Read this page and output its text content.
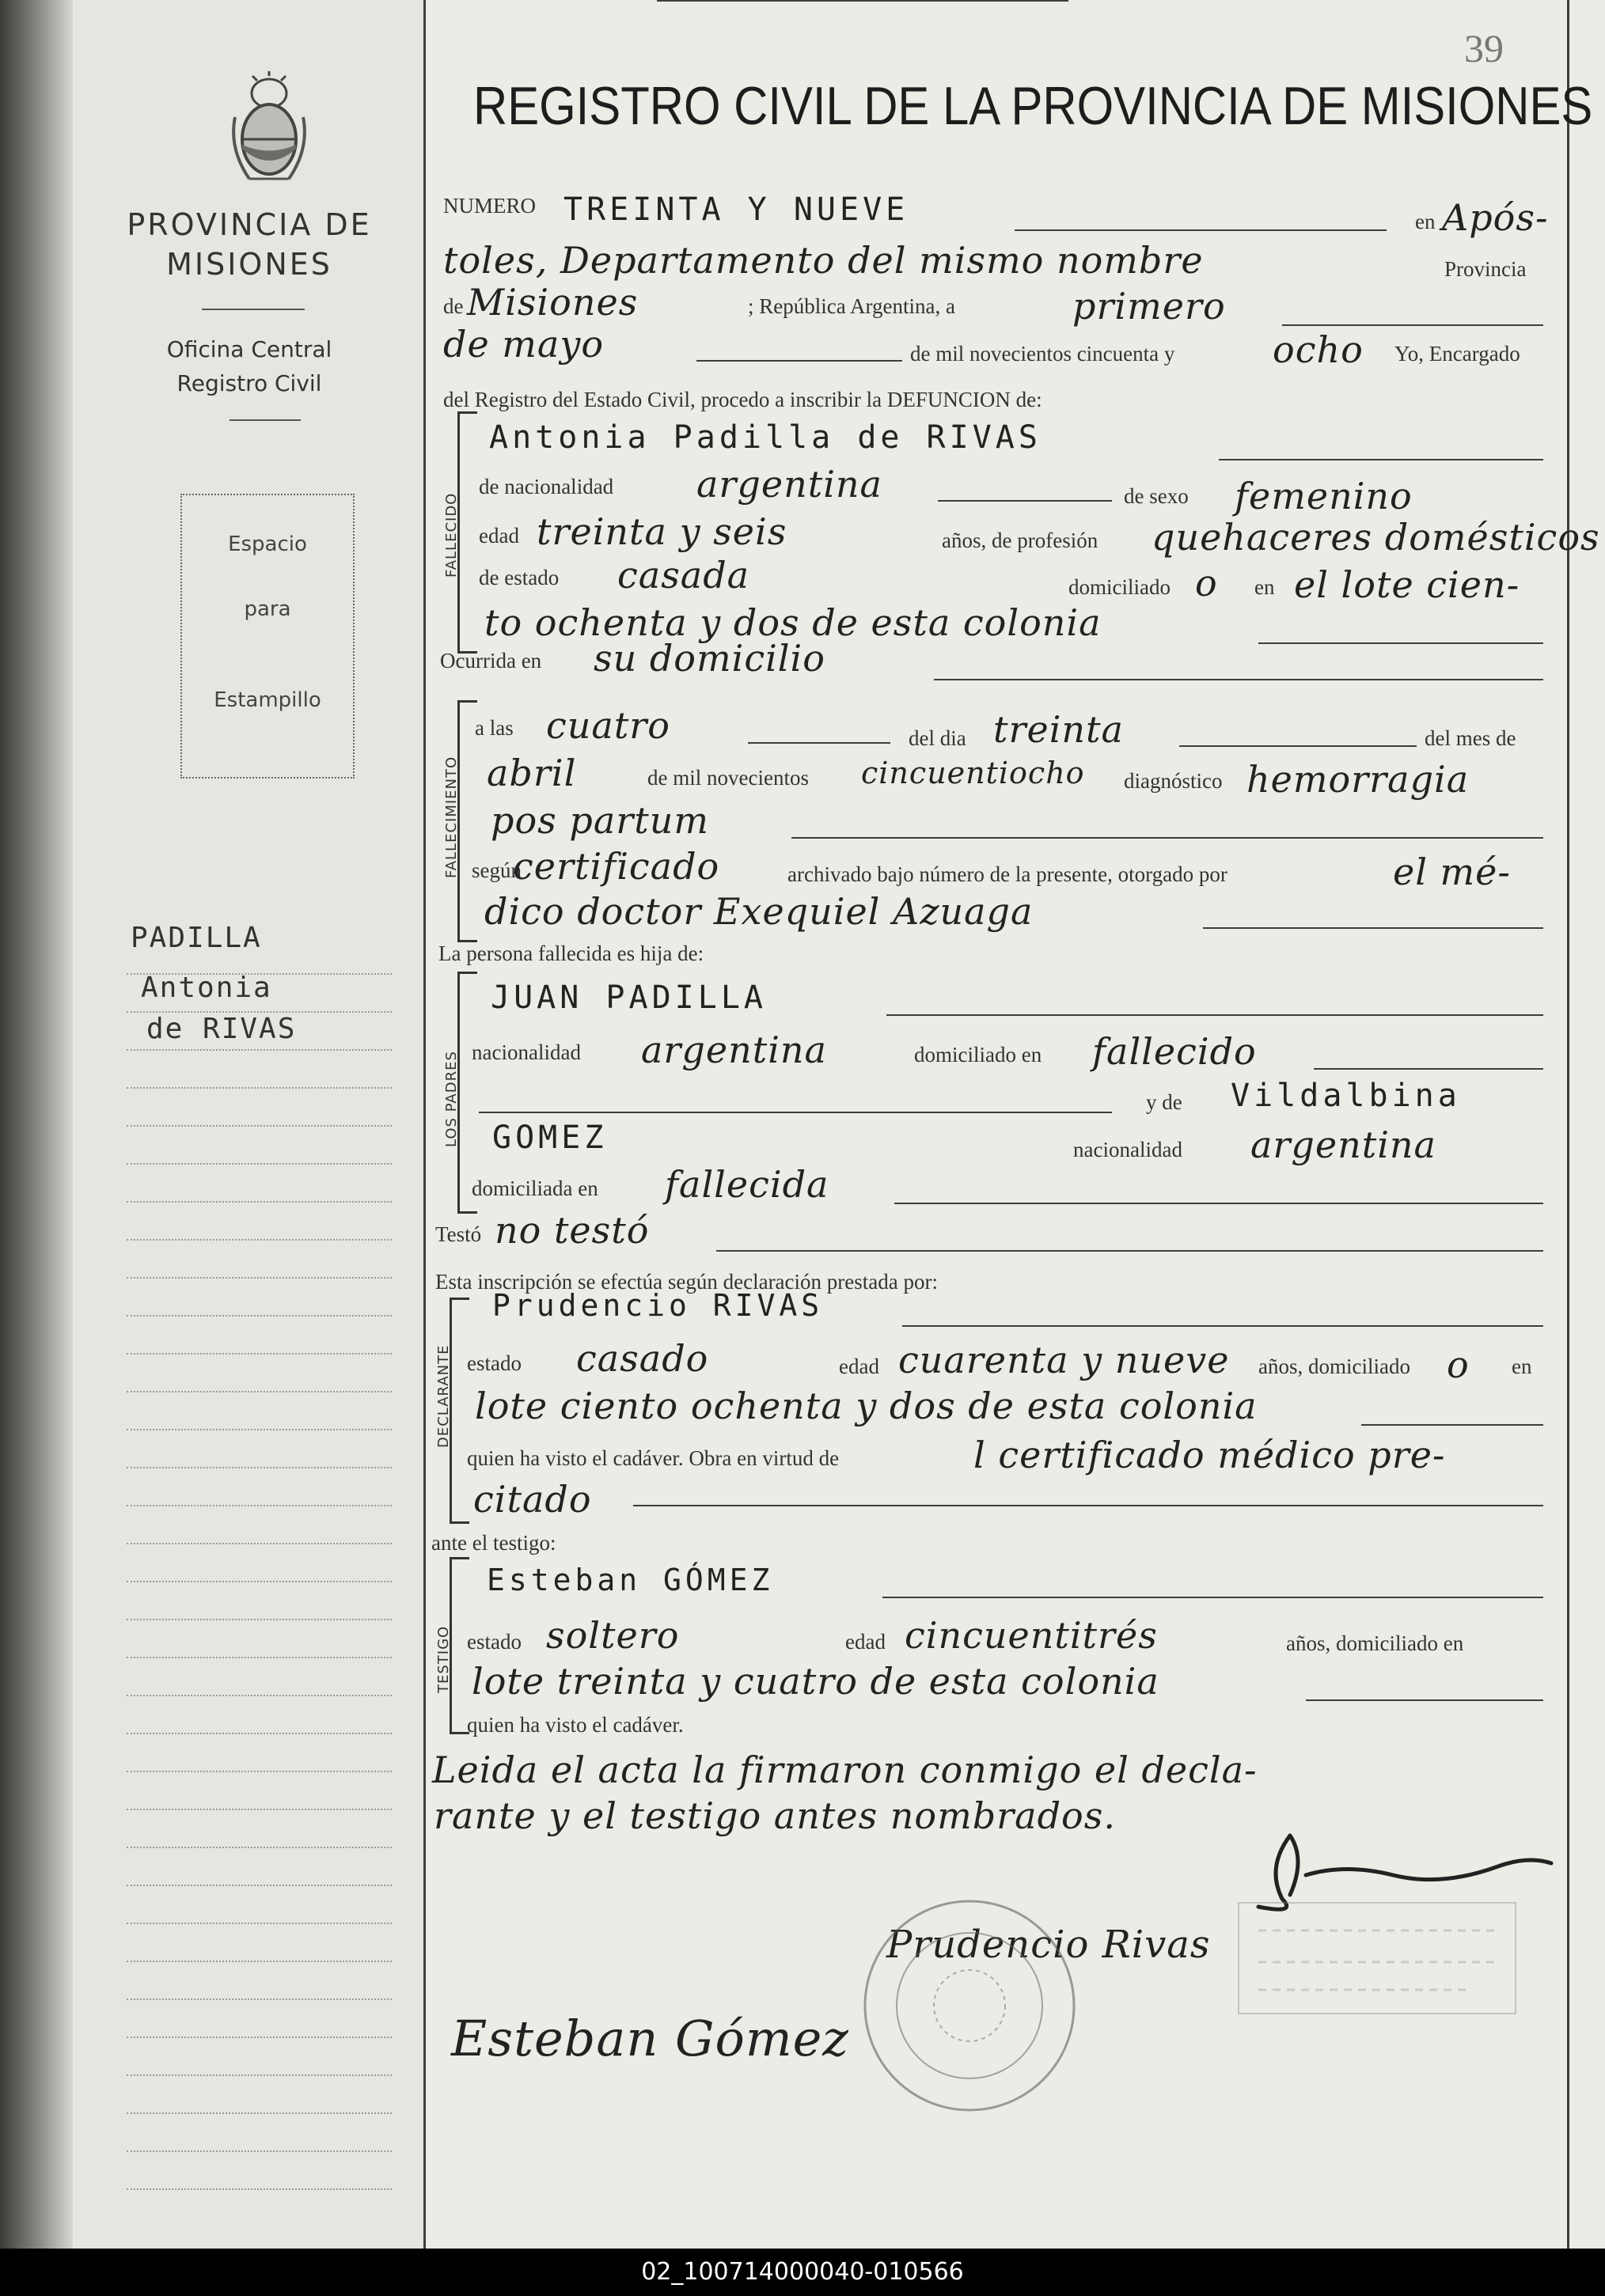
PROVINCIA DE
MISIONES
Oficina Central
Registro Civil
Espacio
para
Estampillo
PADILLA
Antonia
de RIVAS
39
REGISTRO CIVIL DE LA PROVINCIA DE MISIONES
NUMERO TREINTA Y NUEVE	en Após-
toles, Departamento del mismo nombre	Provincia
de Misiones	; República Argentina, a	primero
de mayo	de mil novecientos cincuenta y	ocho Yo, Encargado
del Registro del Estado Civil, procedo a inscribir la DEFUNCION de:
FALLECIDO
Antonia Padilla de RIVAS
de nacionalidad argentina	de sexo femenino
edad treinta y seis	años, de profesión quehaceres domésticos
de estado casada	domiciliado o en el lote cien-
to ochenta y dos de esta colonia
Ocurrida en su domicilio
FALLECIMIENTO
a las cuatro	del dia treinta	del mes de
abril	de mil novecientos cincuentiocho diagnóstico hemorragia
pos partum
según
certificado	archivado bajo número de la presente, otorgado por	el mé-
dico doctor Exequiel Azuaga
La persona fallecida es hija de:
LOS PADRES
JUAN PADILLA
nacionalidad argentina	domiciliado en fallecido
y de Vildalbina
GOMEZ	nacionalidad argentina
domiciliada en fallecida
Testó no testó
Esta inscripción se efectúa según declaración prestada por:
DECLARANTE
Prudencio RIVAS
estado casado	edad cuarenta y nueve años, domiciliado o en
lote ciento ochenta y dos de esta colonia
quien ha visto el cadáver. Obra en virtud de	l certificado médico pre-
citado
ante el testigo:
TESTIGO
Esteban GÓMEZ
estado soltero	edad cincuentitrés	años, domiciliado en
lote treinta y cuatro de esta colonia
quien ha visto el cadáver.
Leida el acta la firmaron conmigo el decla-
rante y el testigo antes nombrados.
Prudencio Rivas
Esteban Gómez
02_100714000040-010566
